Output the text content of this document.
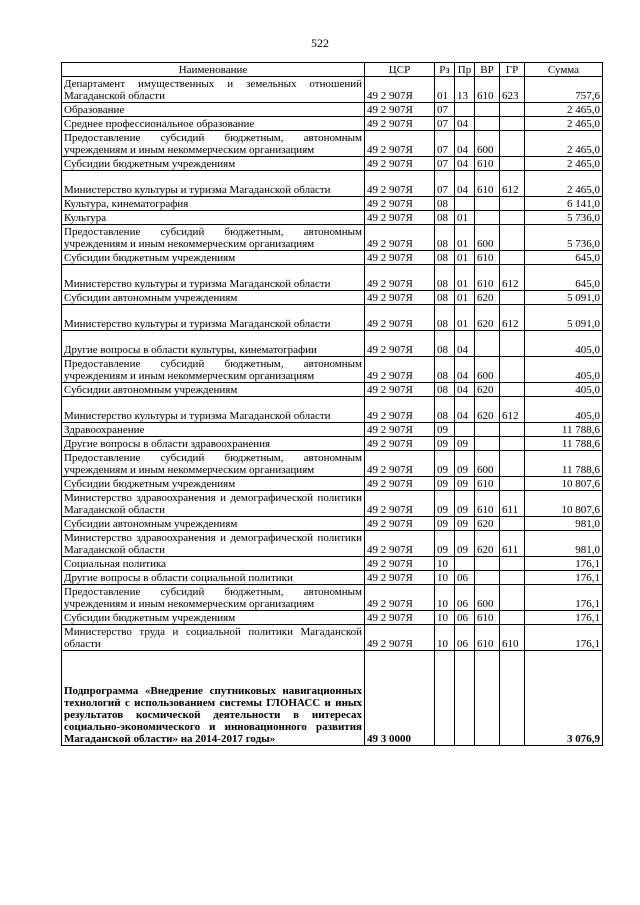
522
Наименование	ЦСР	Рз	Пр	ВР	ГР	Сумма
Департамент имущественных и земельных отношений Магаданской области	49 2 907Я	01	13	610	623	757,6
Образование	49 2 907Я	07				2 465,0
Среднее профессиональное образование	49 2 907Я	07	04			2 465,0
Предоставление субсидий бюджетным, автономным учреждениям и иным некоммерческим организациям	49 2 907Я	07	04	600		2 465,0
Субсидии бюджетным учреждениям	49 2 907Я	07	04	610		2 465,0
Министерство культуры и туризма Магаданской области	49 2 907Я	07	04	610	612	2 465,0
Культура, кинематография	49 2 907Я	08				6 141,0
Культура	49 2 907Я	08	01			5 736,0
Предоставление субсидий бюджетным, автономным учреждениям и иным некоммерческим организациям	49 2 907Я	08	01	600		5 736,0
Субсидии бюджетным учреждениям	49 2 907Я	08	01	610		645,0
Министерство культуры и туризма Магаданской области	49 2 907Я	08	01	610	612	645,0
Субсидии автономным учреждениям	49 2 907Я	08	01	620		5 091,0
Министерство культуры и туризма Магаданской области	49 2 907Я	08	01	620	612	5 091,0
Другие вопросы в области культуры, кинематографии	49 2 907Я	08	04			405,0
Предоставление субсидий бюджетным, автономным учреждениям и иным некоммерческим организациям	49 2 907Я	08	04	600		405,0
Субсидии автономным учреждениям	49 2 907Я	08	04	620		405,0
Министерство культуры и туризма Магаданской области	49 2 907Я	08	04	620	612	405,0
Здравоохранение	49 2 907Я	09				11 788,6
Другие вопросы в области здравоохранения	49 2 907Я	09	09			11 788,6
Предоставление субсидий бюджетным, автономным учреждениям и иным некоммерческим организациям	49 2 907Я	09	09	600		11 788,6
Субсидии бюджетным учреждениям	49 2 907Я	09	09	610		10 807,6
Министерство здравоохранения и демографической политики Магаданской области	49 2 907Я	09	09	610	611	10 807,6
Субсидии автономным учреждениям	49 2 907Я	09	09	620		981,0
Министерство здравоохранения и демографической политики Магаданской области	49 2 907Я	09	09	620	611	981,0
Социальная политика	49 2 907Я	10				176,1
Другие вопросы в области социальной политики	49 2 907Я	10	06			176,1
Предоставление субсидий бюджетным, автономным учреждениям и иным некоммерческим организациям	49 2 907Я	10	06	600		176,1
Субсидии бюджетным учреждениям	49 2 907Я	10	06	610		176,1
Министерство труда и социальной политики Магаданской области	49 2 907Я	10	06	610	610	176,1
Подпрограмма «Внедрение спутниковых навигационных технологий с использованием системы ГЛОНАСС и иных результатов космической деятельности в интересах социально-экономического и инновационного развития Магаданской области» на 2014-2017 годы»	49 3 0000					3 076,9
